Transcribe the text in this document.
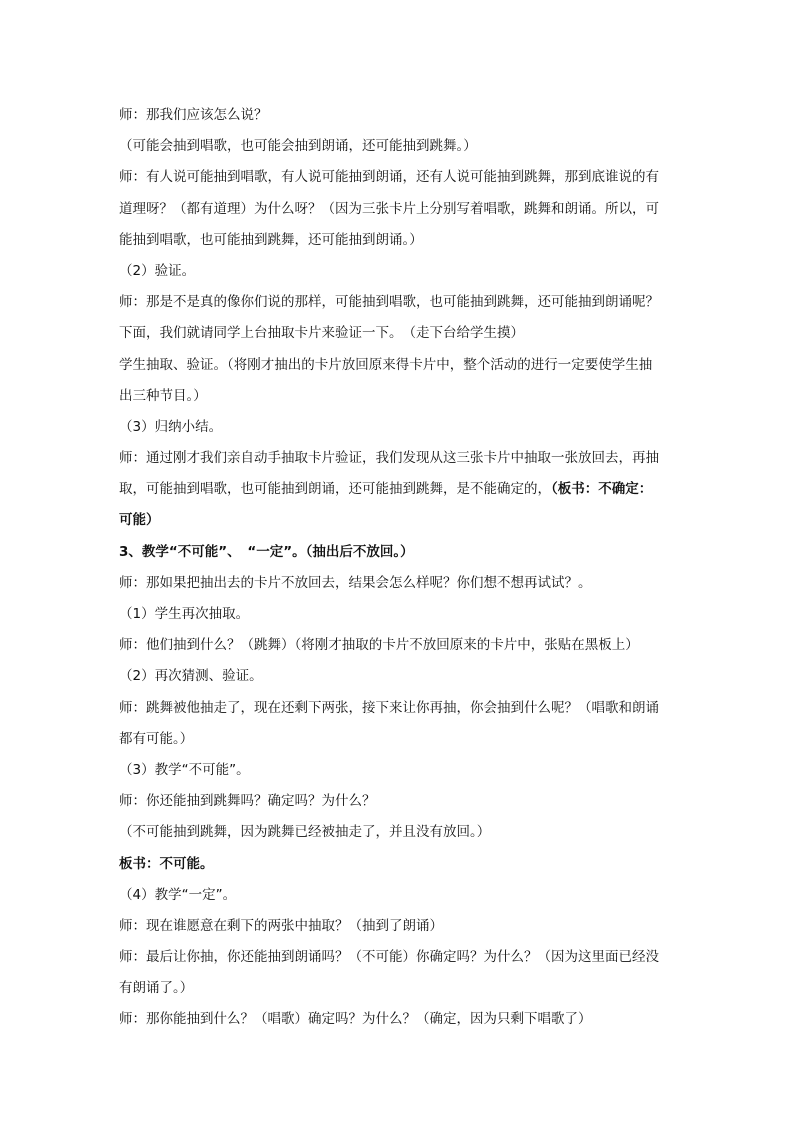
师：那我们应该怎么说？
（可能会抽到唱歌，也可能会抽到朗诵，还可能抽到跳舞。）
师：有人说可能抽到唱歌，有人说可能抽到朗诵，还有人说可能抽到跳舞，那到底谁说的有
道理呀？（都有道理）为什么呀？（因为三张卡片上分别写着唱歌，跳舞和朗诵。所以，可
能抽到唱歌，也可能抽到跳舞，还可能抽到朗诵。）
（2）验证。
师：那是不是真的像你们说的那样，可能抽到唱歌，也可能抽到跳舞，还可能抽到朗诵呢？
下面，我们就请同学上台抽取卡片来验证一下。　（走下台给学生摸）
学生抽取、验证。（将刚才抽出的卡片放回原来得卡片中，整个活动的进行一定要使学生抽
出三种节目。）
（3）归纳小结。
师：通过刚才我们亲自动手抽取卡片验证，我们发现从这三张卡片中抽取一张放回去，再抽
取，可能抽到唱歌，也可能抽到朗诵，还可能抽到跳舞，是不能确定的，（板书：不确定：
可能）
3、教学“不可能”、　“一定”。（抽出后不放回。）
师：那如果把抽出去的卡片不放回去，结果会怎么样呢？你们想不想再试试？。
（1）学生再次抽取。
师：他们抽到什么？（跳舞）（将刚才抽取的卡片不放回原来的卡片中，张贴在黑板上）
（2）再次猜测、验证。
师：跳舞被他抽走了，现在还剩下两张，接下来让你再抽，你会抽到什么呢？（唱歌和朗诵
都有可能。）
（3）教学“不可能”。
师：你还能抽到跳舞吗？确定吗？为什么？
（不可能抽到跳舞，因为跳舞已经被抽走了，并且没有放回。）
板书：不可能。
（4）教学“一定”。
师：现在谁愿意在剩下的两张中抽取？（抽到了朗诵）
师：最后让你抽，你还能抽到朗诵吗？（不可能）你确定吗？为什么？（因为这里面已经没
有朗诵了。）
师：那你能抽到什么？（唱歌）确定吗？为什么？（确定，因为只剩下唱歌了）
